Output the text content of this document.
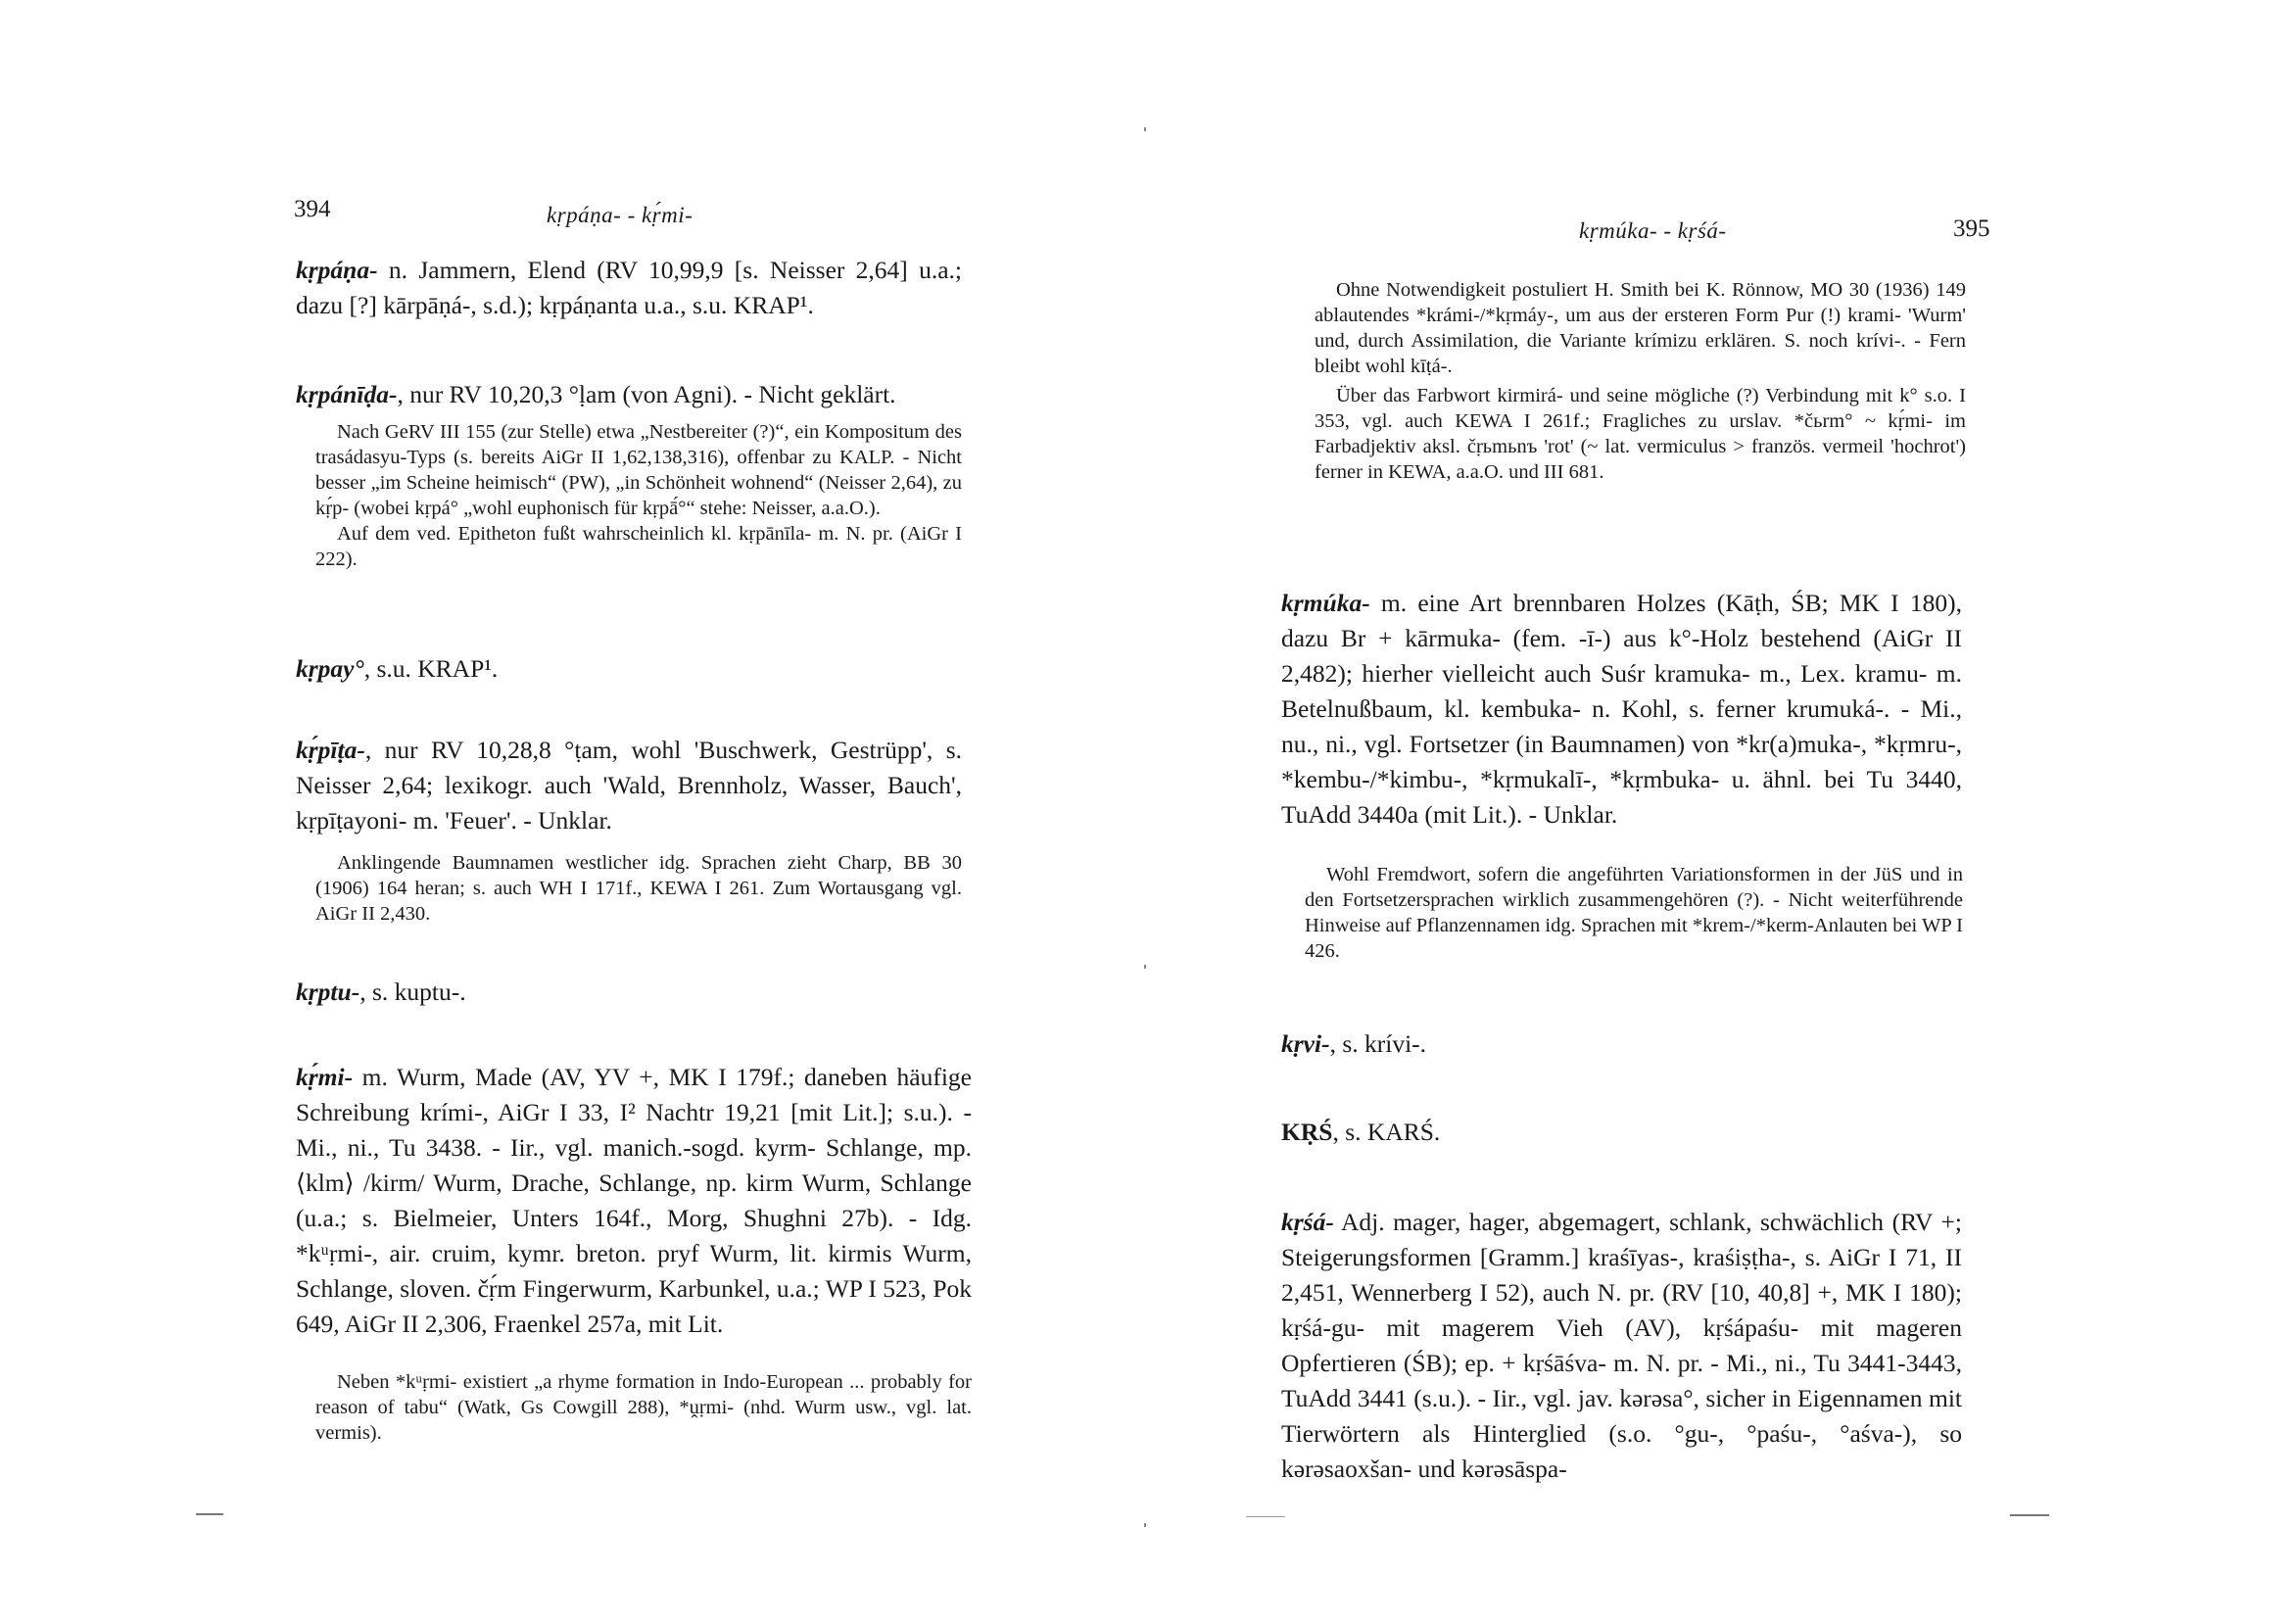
394	kṛpáṇa- - kṛ́mi-

kṛpáṇa- n. Jammern, Elend (RV 10,99,9 [s. Neisser 2,64] u.a.; dazu [?] kārpāṇá-, s.d.); kṛpáṇanta u.a., s.u. KRAP¹.

kṛpánīḍa-, nur RV 10,20,3 °ḷam (von Agni). - Nicht geklärt.

Nach GeRV III 155 (zur Stelle) etwa „Nestbereiter (?)“, ein Kompositum des trasádasyu-Typs (s. bereits AiGr II 1,62,138,316), offenbar zu KALP. - Nicht besser „im Scheine heimisch“ (PW), „in Schönheit wohnend“ (Neisser 2,64), zu kṛ́p- (wobei kṛpá° „wohl euphonisch für kṛpā́°“ stehe: Neisser, a.a.O.).

Auf dem ved. Epitheton fußt wahrscheinlich kl. kṛpānīla- m. N. pr. (AiGr I 222).

kṛpay°, s.u. KRAP¹.

kṛ́pīṭa-, nur RV 10,28,8 °ṭam, wohl 'Buschwerk, Gestrüpp', s. Neisser 2,64; lexikogr. auch 'Wald, Brennholz, Wasser, Bauch', kṛpīṭayoni- m. 'Feuer'. - Unklar.

Anklingende Baumnamen westlicher idg. Sprachen zieht Charp, BB 30 (1906) 164 heran; s. auch WH I 171f., KEWA I 261. Zum Wortausgang vgl. AiGr II 2,430.

kṛptu-, s. kuptu-.

kṛ́mi- m. Wurm, Made (AV, YV +, MK I 179f.; daneben häufige Schreibung krími-, AiGr I 33, I² Nachtr 19,21 [mit Lit.]; s.u.). - Mi., ni., Tu 3438. - Iir., vgl. manich.-sogd. kyrm- Schlange, mp. ⟨klm⟩ /kirm/ Wurm, Drache, Schlange, np. kirm Wurm, Schlange (u.a.; s. Bielmeier, Unters 164f., Morg, Shughni 27b). - Idg. *kᵘṛmi-, air. cruim, kymr. breton. pryf Wurm, lit. kirmis Wurm, Schlange, sloven. čṛ́m Fingerwurm, Karbunkel, u.a.; WP I 523, Pok 649, AiGr II 2,306, Fraenkel 257a, mit Lit.

Neben *kᵘṛmi- existiert „a rhyme formation in Indo-European ... probably for reason of tabu“ (Watk, Gs Cowgill 288), *ṷṛmi- (nhd. Wurm usw., vgl. lat. vermis).

kṛmúka- - kṛśá-	395

Ohne Notwendigkeit postuliert H. Smith bei K. Rönnow, MO 30 (1936) 149 ablautendes *krámi-/*kṛmáy-, um aus der ersteren Form Pur (!) krami- 'Wurm' und, durch Assimilation, die Variante krímizu erklären. S. noch krívi-. - Fern bleibt wohl kīṭá-.

Über das Farbwort kirmirá- und seine mögliche (?) Verbindung mit k° s.o. I 353, vgl. auch KEWA I 261f.; Fragliches zu urslav. *čьrm° ~ kṛ́mi- im Farbadjektiv aksl. čṛьmьnъ 'rot' (~ lat. vermiculus > französ. vermeil 'hochrot') ferner in KEWA, a.a.O. und III 681.

kṛmúka- m. eine Art brennbaren Holzes (Kāṭh, ŚB; MK I 180), dazu Br + kārmuka- (fem. -ī-) aus k°-Holz bestehend (AiGr II 2,482); hierher vielleicht auch Suśr kramuka- m., Lex. kramu- m. Betelnußbaum, kl. kembuka- n. Kohl, s. ferner krumuká-. - Mi., nu., ni., vgl. Fortsetzer (in Baumnamen) von *kr(a)muka-, *kṛmru-, *kembu-/*kimbu-, *kṛmukalī-, *kṛmbuka- u. ähnl. bei Tu 3440, TuAdd 3440a (mit Lit.). - Unklar.

Wohl Fremdwort, sofern die angeführten Variationsformen in der JüS und in den Fortsetzersprachen wirklich zusammengehören (?). - Nicht weiterführende Hinweise auf Pflanzennamen idg. Sprachen mit *krem-/*kerm-Anlauten bei WP I 426.

kṛvi-, s. krívi-.

KṚŚ, s. KARŚ.

kṛśá- Adj. mager, hager, abgemagert, schlank, schwächlich (RV +; Steigerungsformen [Gramm.] kraśīyas-, kraśiṣṭha-, s. AiGr I 71, II 2,451, Wennerberg I 52), auch N. pr. (RV [10, 40,8] +, MK I 180); kṛśá-gu- mit magerem Vieh (AV), kṛśápaśu- mit mageren Opfertieren (ŚB); ep. + kṛśāśva- m. N. pr. - Mi., ni., Tu 3441-3443, TuAdd 3441 (s.u.). - Iir., vgl. jav. kərəsa°, sicher in Eigennamen mit Tierwörtern als Hinterglied (s.o. °gu-, °paśu-, °aśva-), so kərəsaoxšan- und kərəsāspa-
